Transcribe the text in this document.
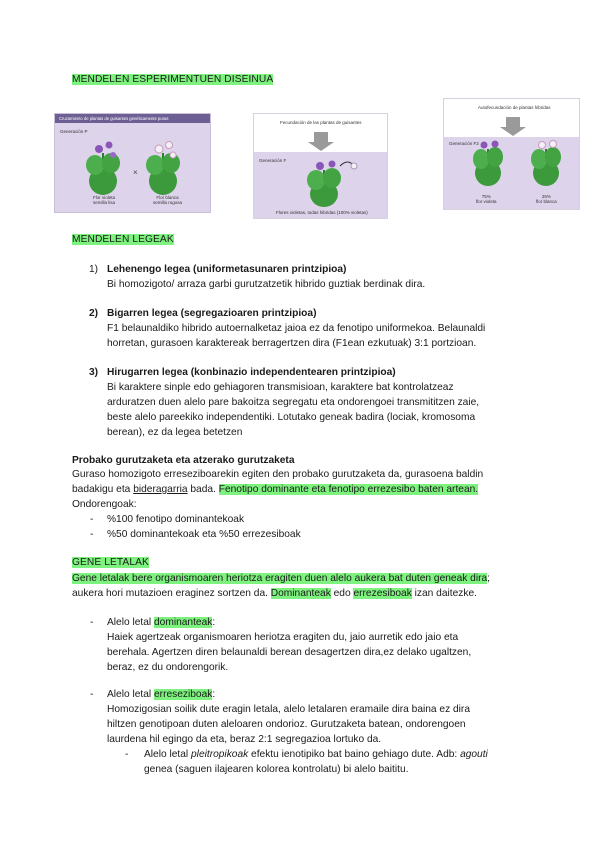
MENDELEN ESPERIMENTUEN DISEINUA
Cruzamiento de plantas de guisantes genéticamente puras
Generación P
×
Flor violeta
semilla lisa
Flor blanca
semilla rugosa
Fecundación de las plantas de guisantes
Generación F
Flores violetas, todas hibridas (100% violetas)
Autofecundación de plantas hibridas
Generación F2
75%
flor violeta
25%
flor blanca
MENDELEN LEGEAK
1) Lehenengo legea (uniformetasunaren printzipioa)
Bi homozigoto/ arraza garbi gurutzatzetik hibrido guztiak berdinak dira.
2) Bigarren legea (segregazioaren printzipioa)
F1 belaunaldiko hibrido autoernalketaz jaioa ez da fenotipo uniformekoa. Belaunaldi
horretan, gurasoen karaktereak berragertzen dira (F1ean ezkutuak) 3:1 portzioan.
3) Hirugarren legea (konbinazio independentearen printzipioa)
Bi karaktere sinple edo gehiagoren transmisioan, karaktere bat kontrolatzeaz
arduratzen duen alelo pare bakoitza segregatu eta ondorengoei transmititzen zaie,
beste alelo pareekiko independentiki. Lotutako geneak badira (lociak, kromosoma
berean), ez da legea betetzen
Probako gurutzaketa eta atzerako gurutzaketa
Guraso homozigoto erreseziboarekin egiten den probako gurutzaketa da, gurasoena baldin
badakigu eta bideragarria bada. Fenotipo dominante eta fenotipo errezesibo baten artean.
Ondorengoak:
- %100 fenotipo dominantekoak
- %50 dominantekoak eta %50 errezesiboak
GENE LETALAK
Gene letalak bere organismoaren heriotza eragiten duen alelo aukera bat duten geneak dira;
aukera hori mutazioen eraginez sortzen da. Dominanteak edo errezesiboak izan daitezke.
- Alelo letal dominanteak:
Haiek agertzeak organismoaren heriotza eragiten du, jaio aurretik edo jaio eta
berehala. Agertzen diren belaunaldi berean desagertzen dira,ez delako ugaltzen,
beraz, ez du ondorengorik.
- Alelo letal erreseziboak:
Homozigosian soilik dute eragin letala, alelo letalaren eramaile dira baina ez dira
hiltzen genotipoan duten aleloaren ondorioz. Gurutzaketa batean, ondorengoen
laurdena hil egingo da eta, beraz 2:1 segregazioa lortuko da.
- Alelo letal pleitropikoak efektu ienotipiko bat baino gehiago dute. Adb: agouti
genea (saguen ilajearen kolorea kontrolatu) bi alelo baititu.
